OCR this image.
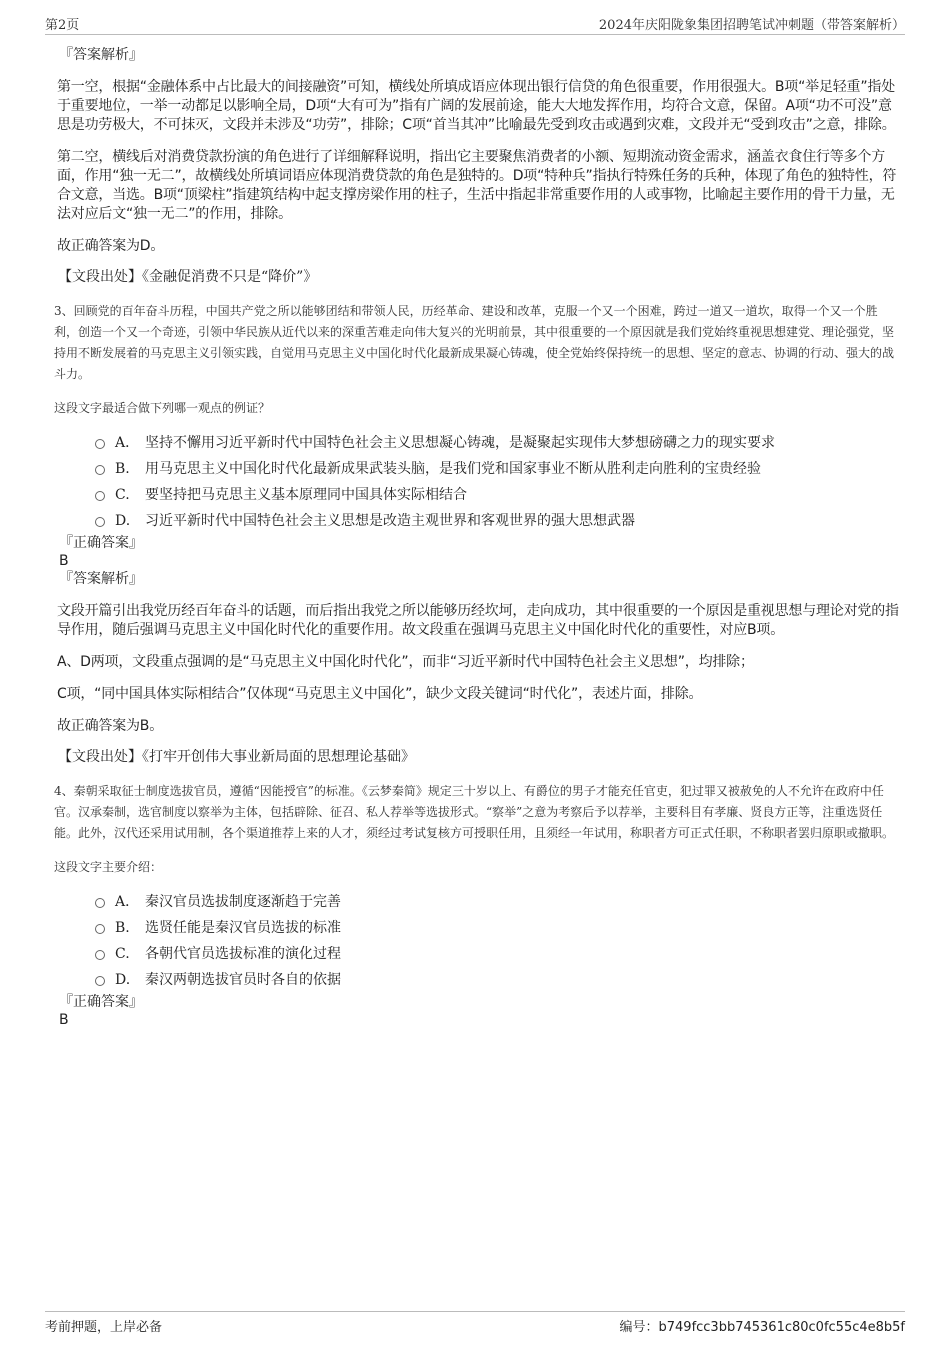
第2页	2024年庆阳陇象集团招聘笔试冲刺题（带答案解析）
『答案解析』
第一空，根据“金融体系中占比最大的间接融资”可知，横线处所填成语应体现出银行信贷的角色很重要，作用很强大。B项“举足轻重”指处于重要地位，一举一动都足以影响全局，D项“大有可为”指有广阔的发展前途，能大大地发挥作用，均符合文意，保留。A项“功不可没”意思是功劳极大，不可抹灭，文段并未涉及“功劳”，排除；C项“首当其冲”比喻最先受到攻击或遇到灾难，文段并无“受到攻击”之意，排除。
第二空，横线后对消费贷款扮演的角色进行了详细解释说明，指出它主要聚焦消费者的小额、短期流动资金需求，涵盖衣食住行等多个方面，作用“独一无二”，故横线处所填词语应体现消费贷款的角色是独特的。D项“特种兵”指执行特殊任务的兵种，体现了角色的独特性，符合文意，当选。B项“顶梁柱”指建筑结构中起支撑房梁作用的柱子，生活中指起非常重要作用的人或事物，比喻起主要作用的骨干力量，无法对应后文“独一无二”的作用，排除。
故正确答案为D。
【文段出处】《金融促消费不只是“降价”》
3、回顾党的百年奋斗历程，中国共产党之所以能够团结和带领人民，历经革命、建设和改革，克服一个又一个困难，跨过一道又一道坎，取得一个又一个胜利，创造一个又一个奇迹，引领中华民族从近代以来的深重苦难走向伟大复兴的光明前景，其中很重要的一个原因就是我们党始终重视思想建党、理论强党，坚持用不断发展着的马克思主义引领实践，自觉用马克思主义中国化时代化最新成果凝心铸魂，使全党始终保持统一的思想、坚定的意志、协调的行动、强大的战斗力。
这段文字最适合做下列哪一观点的例证？
A． 坚持不懈用习近平新时代中国特色社会主义思想凝心铸魂，是凝聚起实现伟大梦想磅礴之力的现实要求
B. 用马克思主义中国化时代化最新成果武装头脑，是我们党和国家事业不断从胜利走向胜利的宝贵经验
C. 要坚持把马克思主义基本原理同中国具体实际相结合
D. 习近平新时代中国特色社会主义思想是改造主观世界和客观世界的强大思想武器
『正确答案』
B
『答案解析』
文段开篇引出我党历经百年奋斗的话题，而后指出我党之所以能够历经坎坷，走向成功，其中很重要的一个原因是重视思想与理论对党的指导作用，随后强调马克思主义中国化时代化的重要作用。故文段重在强调马克思主义中国化时代化的重要性，对应B项。
A、D两项，文段重点强调的是“马克思主义中国化时代化”，而非“习近平新时代中国特色社会主义思想”，均排除；
C项，“同中国具体实际相结合”仅体现“马克思主义中国化”，缺少文段关键词“时代化”，表述片面，排除。
故正确答案为B。
【文段出处】《打牢开创伟大事业新局面的思想理论基础》
4、秦朝采取征士制度选拔官员，遵循“因能授官”的标准。《云梦秦简》规定三十岁以上、有爵位的男子才能充任官吏，犯过罪又被赦免的人不允许在政府中任官。汉承秦制，选官制度以察举为主体，包括辟除、征召、私人荐举等选拔形式。“察举”之意为考察后予以荐举，主要科目有孝廉、贤良方正等，注重选贤任能。此外，汉代还采用试用制，各个渠道推荐上来的人才，须经过考试复核方可授职任用，且须经一年试用，称职者方可正式任职，不称职者罢归原职或撤职。
这段文字主要介绍：
A． 秦汉官员选拔制度逐渐趋于完善
B. 选贤任能是秦汉官员选拔的标准
C. 各朝代官员选拔标准的演化过程
D. 秦汉两朝选拔官员时各自的依据
『正确答案』
B
考前押题，上岸必备	编号：b749fcc3bb745361c80c0fc55c4e8b5f
